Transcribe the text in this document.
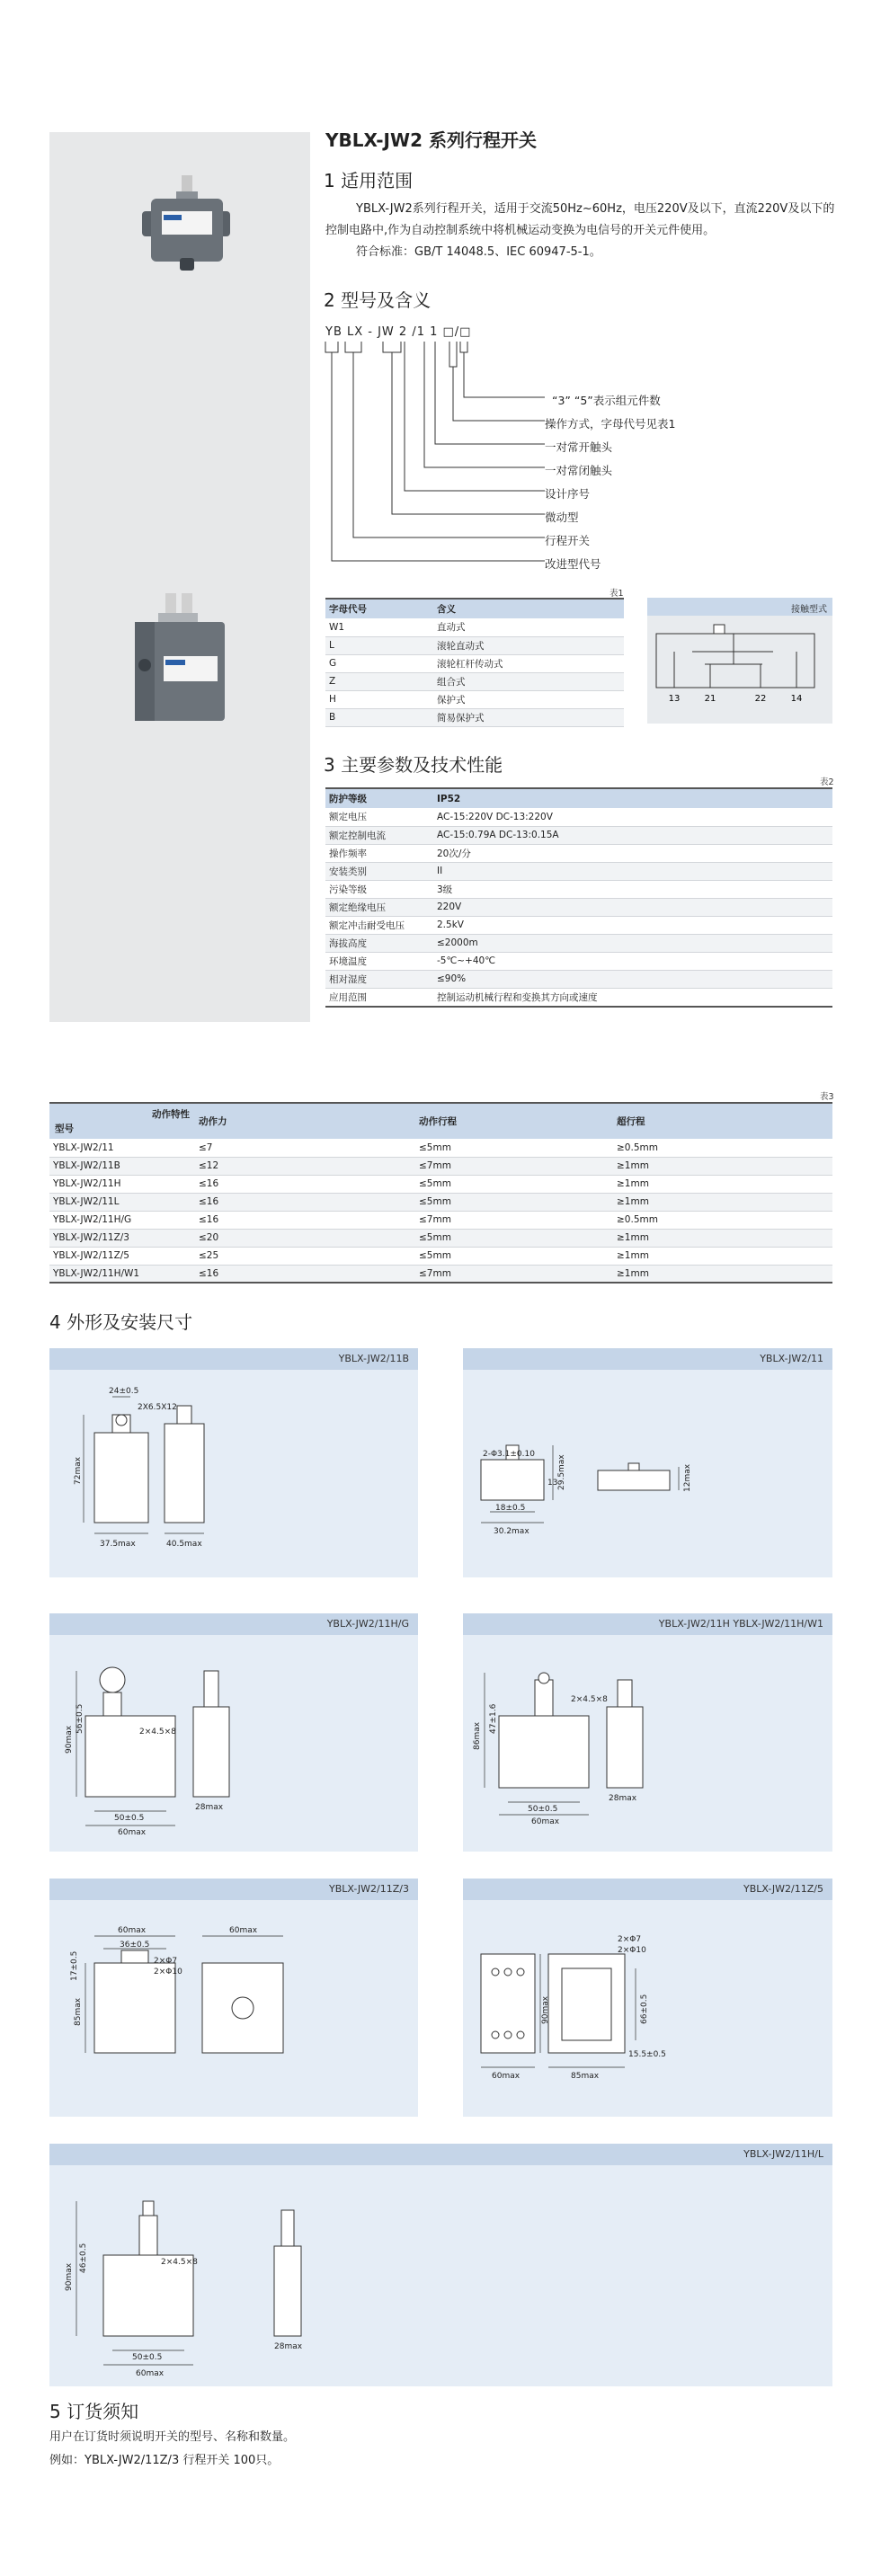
YBLX-JW2 系列行程开关
1 适用范围
YBLX-JW2系列行程开关，适用于交流50Hz~60Hz，电压220V及以下，直流220V及以下的控制电路中,作为自动控制系统中将机械运动变换为电信号的开关元件使用。
符合标准：GB/T 14048.5、IEC 60947-5-1。
2 型号及含义
YB LX - JW 2 /1 1 □/□
“3” “5”表示组元件数
操作方式，字母代号见表1
一对常开触头
一对常闭触头
设计序号
微动型
行程开关
改进型代号
表1
字母代号	含义
W1	直动式
L	滚轮直动式
G	滚轮杠杆传动式
Z	组合式
H	保护式
B	简易保护式
接触型式
13	21	22	14
3 主要参数及技术性能
表2
防护等级	IP52
额定电压	AC-15:220V DC-13:220V
额定控制电流	AC-15:0.79A DC-13:0.15A
操作频率	20次/分
安装类别	II
污染等级	3级
额定绝缘电压	220V
额定冲击耐受电压	2.5kV
海拔高度	≤2000m
环境温度	-5℃~+40℃
相对湿度	≤90%
应用范围	控制运动机械行程和变换其方向或速度
表3
动作特性
型号	动作力	动作行程	超行程
YBLX-JW2/11	≤7	≤5mm	≥0.5mm
YBLX-JW2/11B	≤12	≤7mm	≥1mm
YBLX-JW2/11H	≤16	≤5mm	≥1mm
YBLX-JW2/11L	≤16	≤5mm	≥1mm
YBLX-JW2/11H/G	≤16	≤7mm	≥0.5mm
YBLX-JW2/11Z/3	≤20	≤5mm	≥1mm
YBLX-JW2/11Z/5	≤25	≤5mm	≥1mm
YBLX-JW2/11H/W1	≤16	≤7mm	≥1mm
4 外形及安装尺寸
YBLX-JW2/11B
24±0.5
2X6.5X12
72max
37.5max	40.5max
YBLX-JW2/11
2-Φ3.1±0.10
29.5max
13
18±0.5
30.2max
12max
YBLX-JW2/11H/G
2×4.5×8
90max
56±0.5
50±0.5
60max
28max
YBLX-JW2/11H YBLX-JW2/11H/W1
2×4.5×8
86max
47±1.6
50±0.5
60max
28max
YBLX-JW2/11Z/3
60max
36±0.5
2×Φ7
2×Φ10
17±0.5
85max
60max
YBLX-JW2/11Z/5
2×Φ7
2×Φ10
90max	66±0.5
15.5±0.5
60max	85max
YBLX-JW2/11H/L
2×4.5×8
90max
46±0.5
50±0.5
60max
28max
5 订货须知
用户在订货时须说明开关的型号、名称和数量。
例如：YBLX-JW2/11Z/3 行程开关 100只。
